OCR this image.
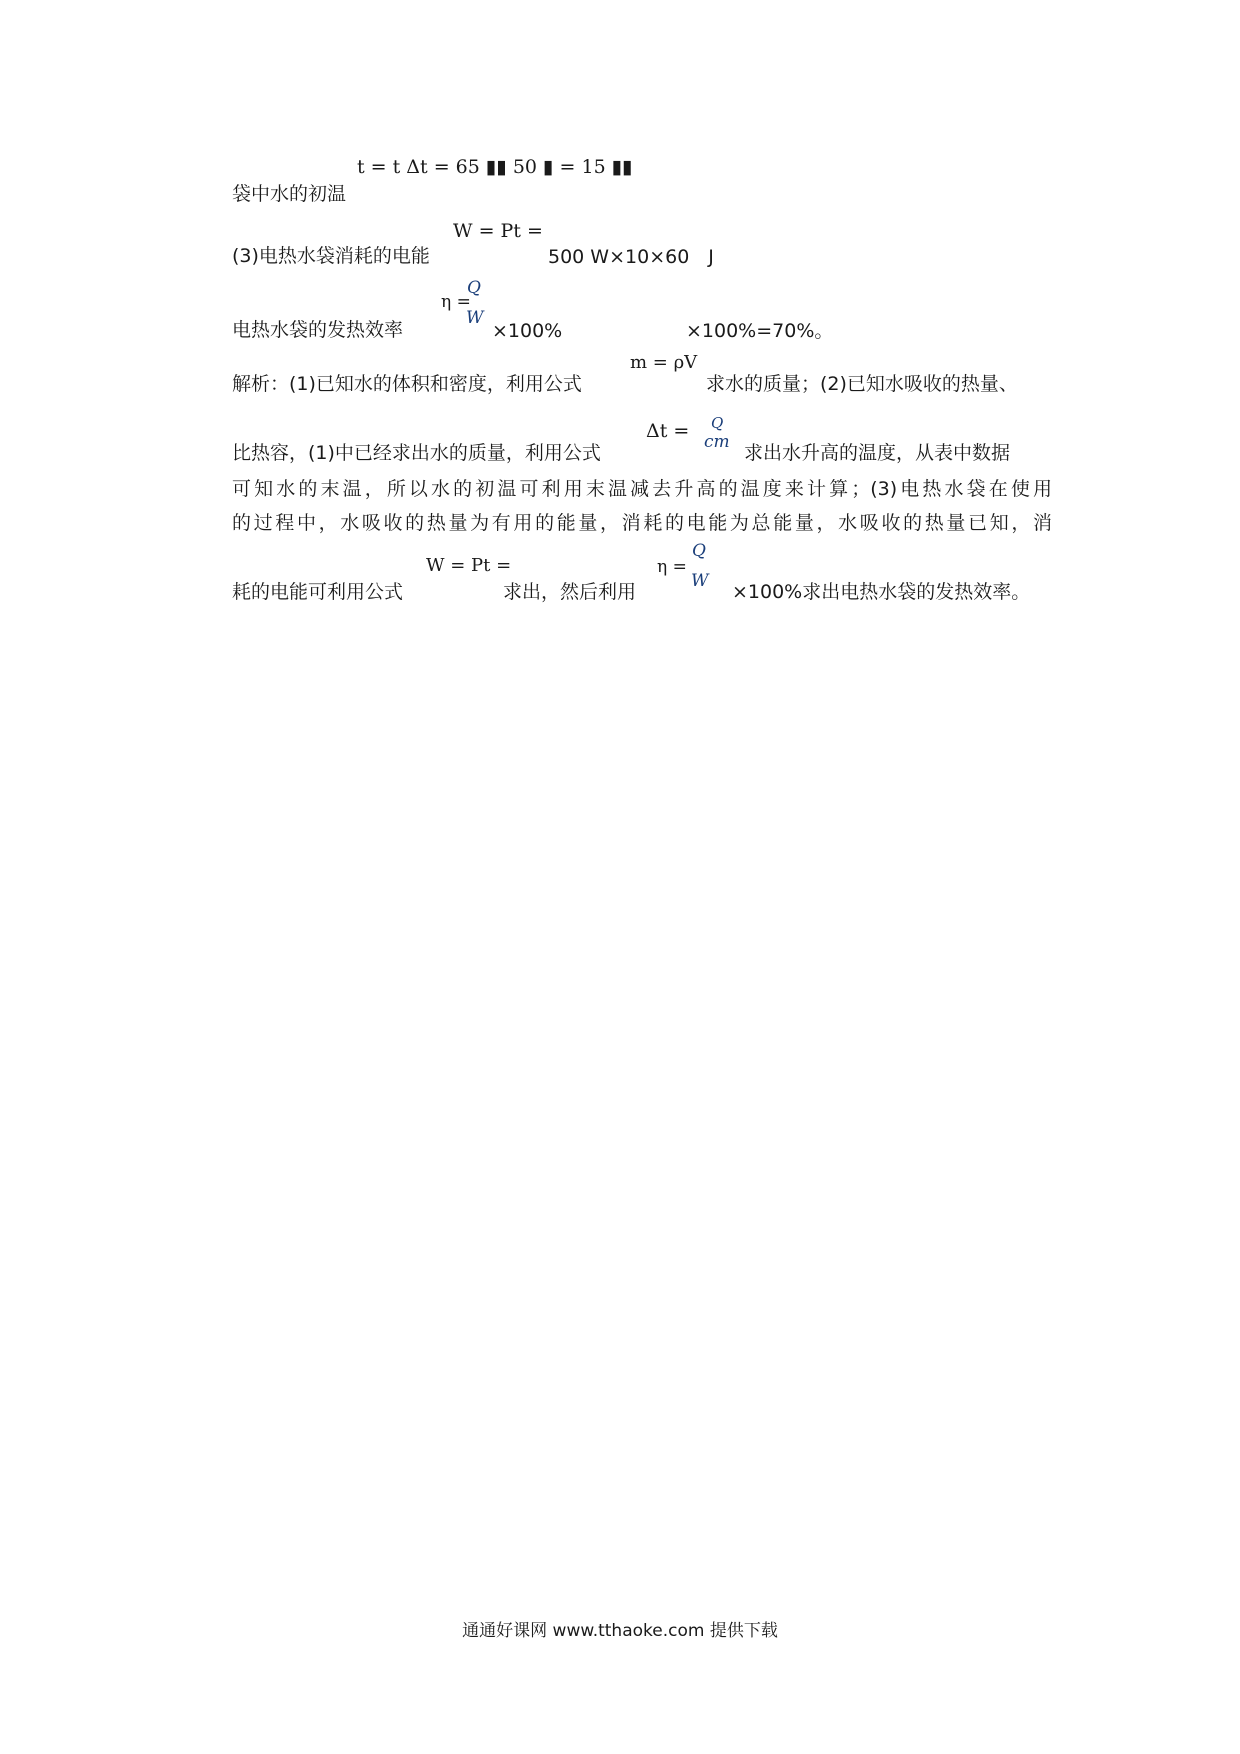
t = t Δt = 65 ▮▮ 50 ▮ = 15 ▮▮
袋中水的初温
W = Pt =
(3)电热水袋消耗的电能	500 W×10×60　J
η =
Q
W
电热水袋的发热效率	×100%	×100%=70%。
m = ρV
解析：(1)已知水的体积和密度，利用公式	求水的质量；(2)已知水吸收的热量、
Δt = Q
cm
比热容，(1)中已经求出水的质量，利用公式	求出水升高的温度，从表中数据
可知水的末温，所以水的初温可利用末温减去升高的温度来计算；(3)电热水袋在使用
的过程中，水吸收的热量为有用的能量，消耗的电能为总能量，水吸收的热量已知，消
W = Pt =	η =
Q
W
耗的电能可利用公式	求出，然后利用	×100%求出电热水袋的发热效率。
通通好课网 www.tthaoke.com 提供下载
